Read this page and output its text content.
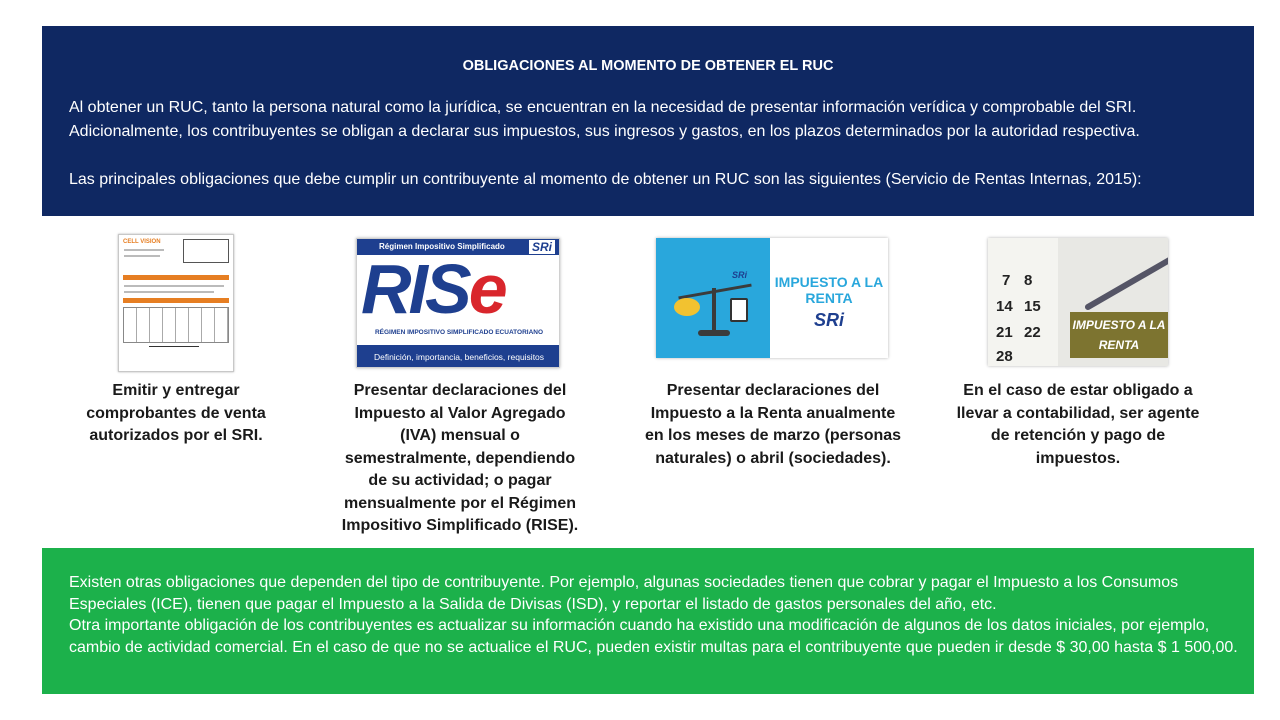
OBLIGACIONES AL MOMENTO DE OBTENER EL RUC
Al obtener un RUC, tanto la persona natural como la jurídica, se encuentran en la necesidad de presentar información verídica y comprobable del SRI. Adicionalmente, los contribuyentes se obligan a declarar sus impuestos, sus ingresos y gastos, en los plazos determinados por la autoridad respectiva.
Las principales obligaciones que debe cumplir un contribuyente al momento de obtener un RUC son las siguientes (Servicio de Rentas Internas, 2015):
CELL VISION
Emitir y entregar comprobantes de venta autorizados por el SRI.
Régimen Impositivo Simplificado	SRi
RISe
RÉGIMEN IMPOSITIVO SIMPLIFICADO ECUATORIANO
Definición, importancia, beneficios, requisitos
Presentar declaraciones del Impuesto al Valor Agregado (IVA) mensual o semestralmente, dependiendo de su actividad; o pagar mensualmente por el Régimen Impositivo Simplificado (RISE).
SRi IMPUESTO A LA RENTA
SRi
Presentar declaraciones del Impuesto a la Renta anualmente en los meses de marzo (personas naturales) o abril (sociedades).
7 8
14 15
21 22
28
IMPUESTO A LA RENTA
En el caso de estar obligado a llevar a contabilidad, ser agente de retención y pago de impuestos.
Existen otras obligaciones que dependen del tipo de contribuyente. Por ejemplo, algunas sociedades tienen que cobrar y pagar el Impuesto a los Consumos Especiales (ICE), tienen que pagar el Impuesto a la Salida de Divisas (ISD), y reportar el listado de gastos personales del año, etc.
Otra importante obligación de los contribuyentes es actualizar su información cuando ha existido una modificación de algunos de los datos iniciales, por ejemplo, cambio de actividad comercial. En el caso de que no se actualice el RUC, pueden existir multas para el contribuyente que pueden ir desde $ 30,00 hasta $ 1 500,00.
